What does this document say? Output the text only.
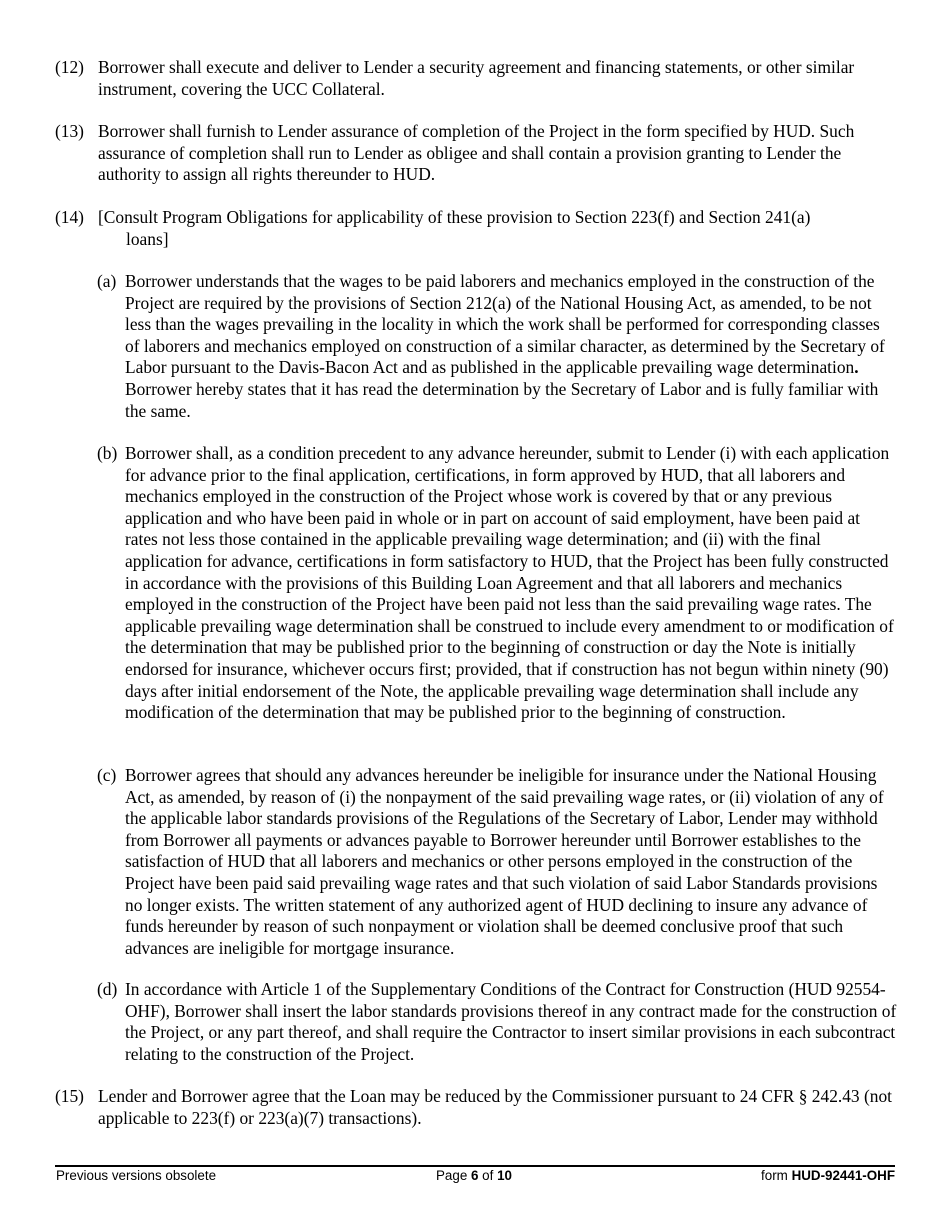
(12) Borrower shall execute and deliver to Lender a security agreement and financing statements, or other similar instrument, covering the UCC Collateral.
(13) Borrower shall furnish to Lender assurance of completion of the Project in the form specified by HUD. Such assurance of completion shall run to Lender as obligee and shall contain a provision granting to Lender the authority to assign all rights thereunder to HUD.
(14) [Consult Program Obligations for applicability of these provision to Section 223(f) and Section 241(a)
loans]
(a) Borrower understands that the wages to be paid laborers and mechanics employed in the construction of the Project are required by the provisions of Section 212(a) of the National Housing Act, as amended, to be not less than the wages prevailing in the locality in which the work shall be performed for corresponding classes of laborers and mechanics employed on construction of a similar character, as determined by the Secretary of Labor pursuant to the Davis-Bacon Act and as published in the applicable prevailing wage determination.  Borrower hereby states that it has read the determination by the Secretary of Labor and is fully familiar with the same.
(b) Borrower shall, as a condition precedent to any advance hereunder, submit to Lender (i) with each application for advance prior to the final application, certifications, in form approved by HUD, that all laborers and mechanics employed in the construction of the Project whose work is covered by that or any previous application and who have been paid in whole or in part on account of said employment, have been paid at rates not less those contained in the applicable prevailing wage determination; and (ii) with the final application for advance, certifications in form satisfactory to HUD, that the Project has been fully constructed in accordance with the provisions of this Building Loan Agreement and that all laborers and mechanics employed in the construction of the Project have been paid not less than the said prevailing wage rates. The applicable prevailing wage determination shall be construed to include every amendment to or modification of the determination that may be published prior to the beginning of construction or day the Note is initially endorsed for insurance, whichever occurs first; provided, that if construction has not begun within ninety (90) days after initial endorsement of the Note, the applicable prevailing wage determination shall include any modification of the determination that may be published prior to the beginning of construction.
(c) Borrower agrees that should any advances hereunder be ineligible for insurance under the National Housing Act, as amended, by reason of (i) the nonpayment of the said prevailing wage rates, or (ii) violation of any of the applicable labor standards provisions of the Regulations of the Secretary of Labor, Lender may withhold from Borrower all payments or advances payable to Borrower hereunder until Borrower establishes to the satisfaction of HUD that all laborers and mechanics or other persons employed in the construction of the Project have been paid said prevailing wage rates and that such violation of said Labor Standards provisions no longer exists. The written statement of any authorized agent of HUD declining to insure any advance of funds hereunder by reason of such nonpayment or violation shall be deemed conclusive proof that such advances are ineligible for mortgage insurance.
(d) In accordance with Article 1 of the Supplementary Conditions of the Contract for Construction (HUD 92554-OHF), Borrower shall insert the labor standards provisions thereof in any contract made for the construction of the Project, or any part thereof, and shall require the Contractor to insert similar provisions in each subcontract relating to the construction of the Project.
(15) Lender and Borrower agree that the Loan may be reduced by the Commissioner pursuant to 24 CFR § 242.43 (not applicable to 223(f) or 223(a)(7) transactions).
Previous versions obsolete	Page 6 of 10	form HUD-92441-OHF
